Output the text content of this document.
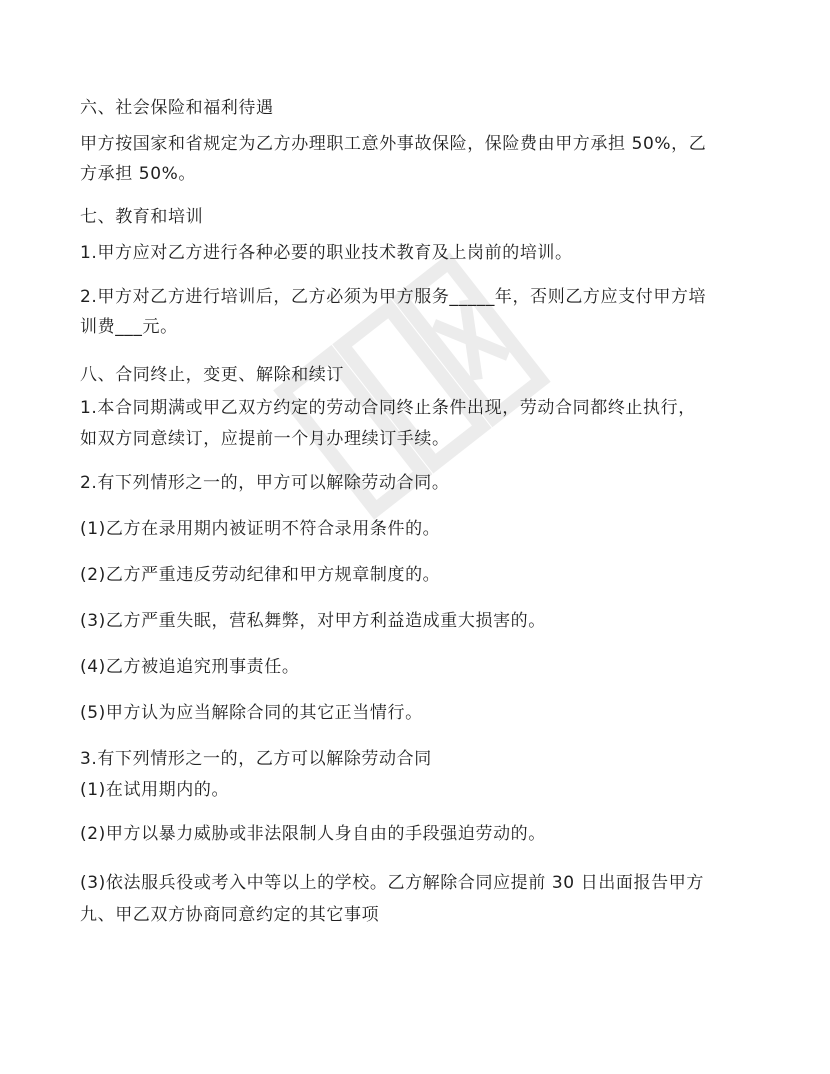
六、社会保险和福利待遇
甲方按国家和省规定为乙方办理职工意外事故保险，保险费由甲方承担 50%，乙
方承担 50%。
七、教育和培训
1.甲方应对乙方进行各种必要的职业技术教育及上岗前的培训。
2.甲方对乙方进行培训后，乙方必须为甲方服务_____年，否则乙方应支付甲方培
训费___元。
八、合同终止，变更、解除和续订
1.本合同期满或甲乙双方约定的劳动合同终止条件出现，劳动合同都终止执行，
如双方同意续订，应提前一个月办理续订手续。
2.有下列情形之一的，甲方可以解除劳动合同。
(1)乙方在录用期内被证明不符合录用条件的。
(2)乙方严重违反劳动纪律和甲方规章制度的。
(3)乙方严重失眠，营私舞弊，对甲方利益造成重大损害的。
(4)乙方被追追究刑事责任。
(5)甲方认为应当解除合同的其它正当情行。
3.有下列情形之一的，乙方可以解除劳动合同
(1)在试用期内的。
(2)甲方以暴力威胁或非法限制人身自由的手段强迫劳动的。
(3)依法服兵役或考入中等以上的学校。乙方解除合同应提前 30 日出面报告甲方
九、甲乙双方协商同意约定的其它事项
